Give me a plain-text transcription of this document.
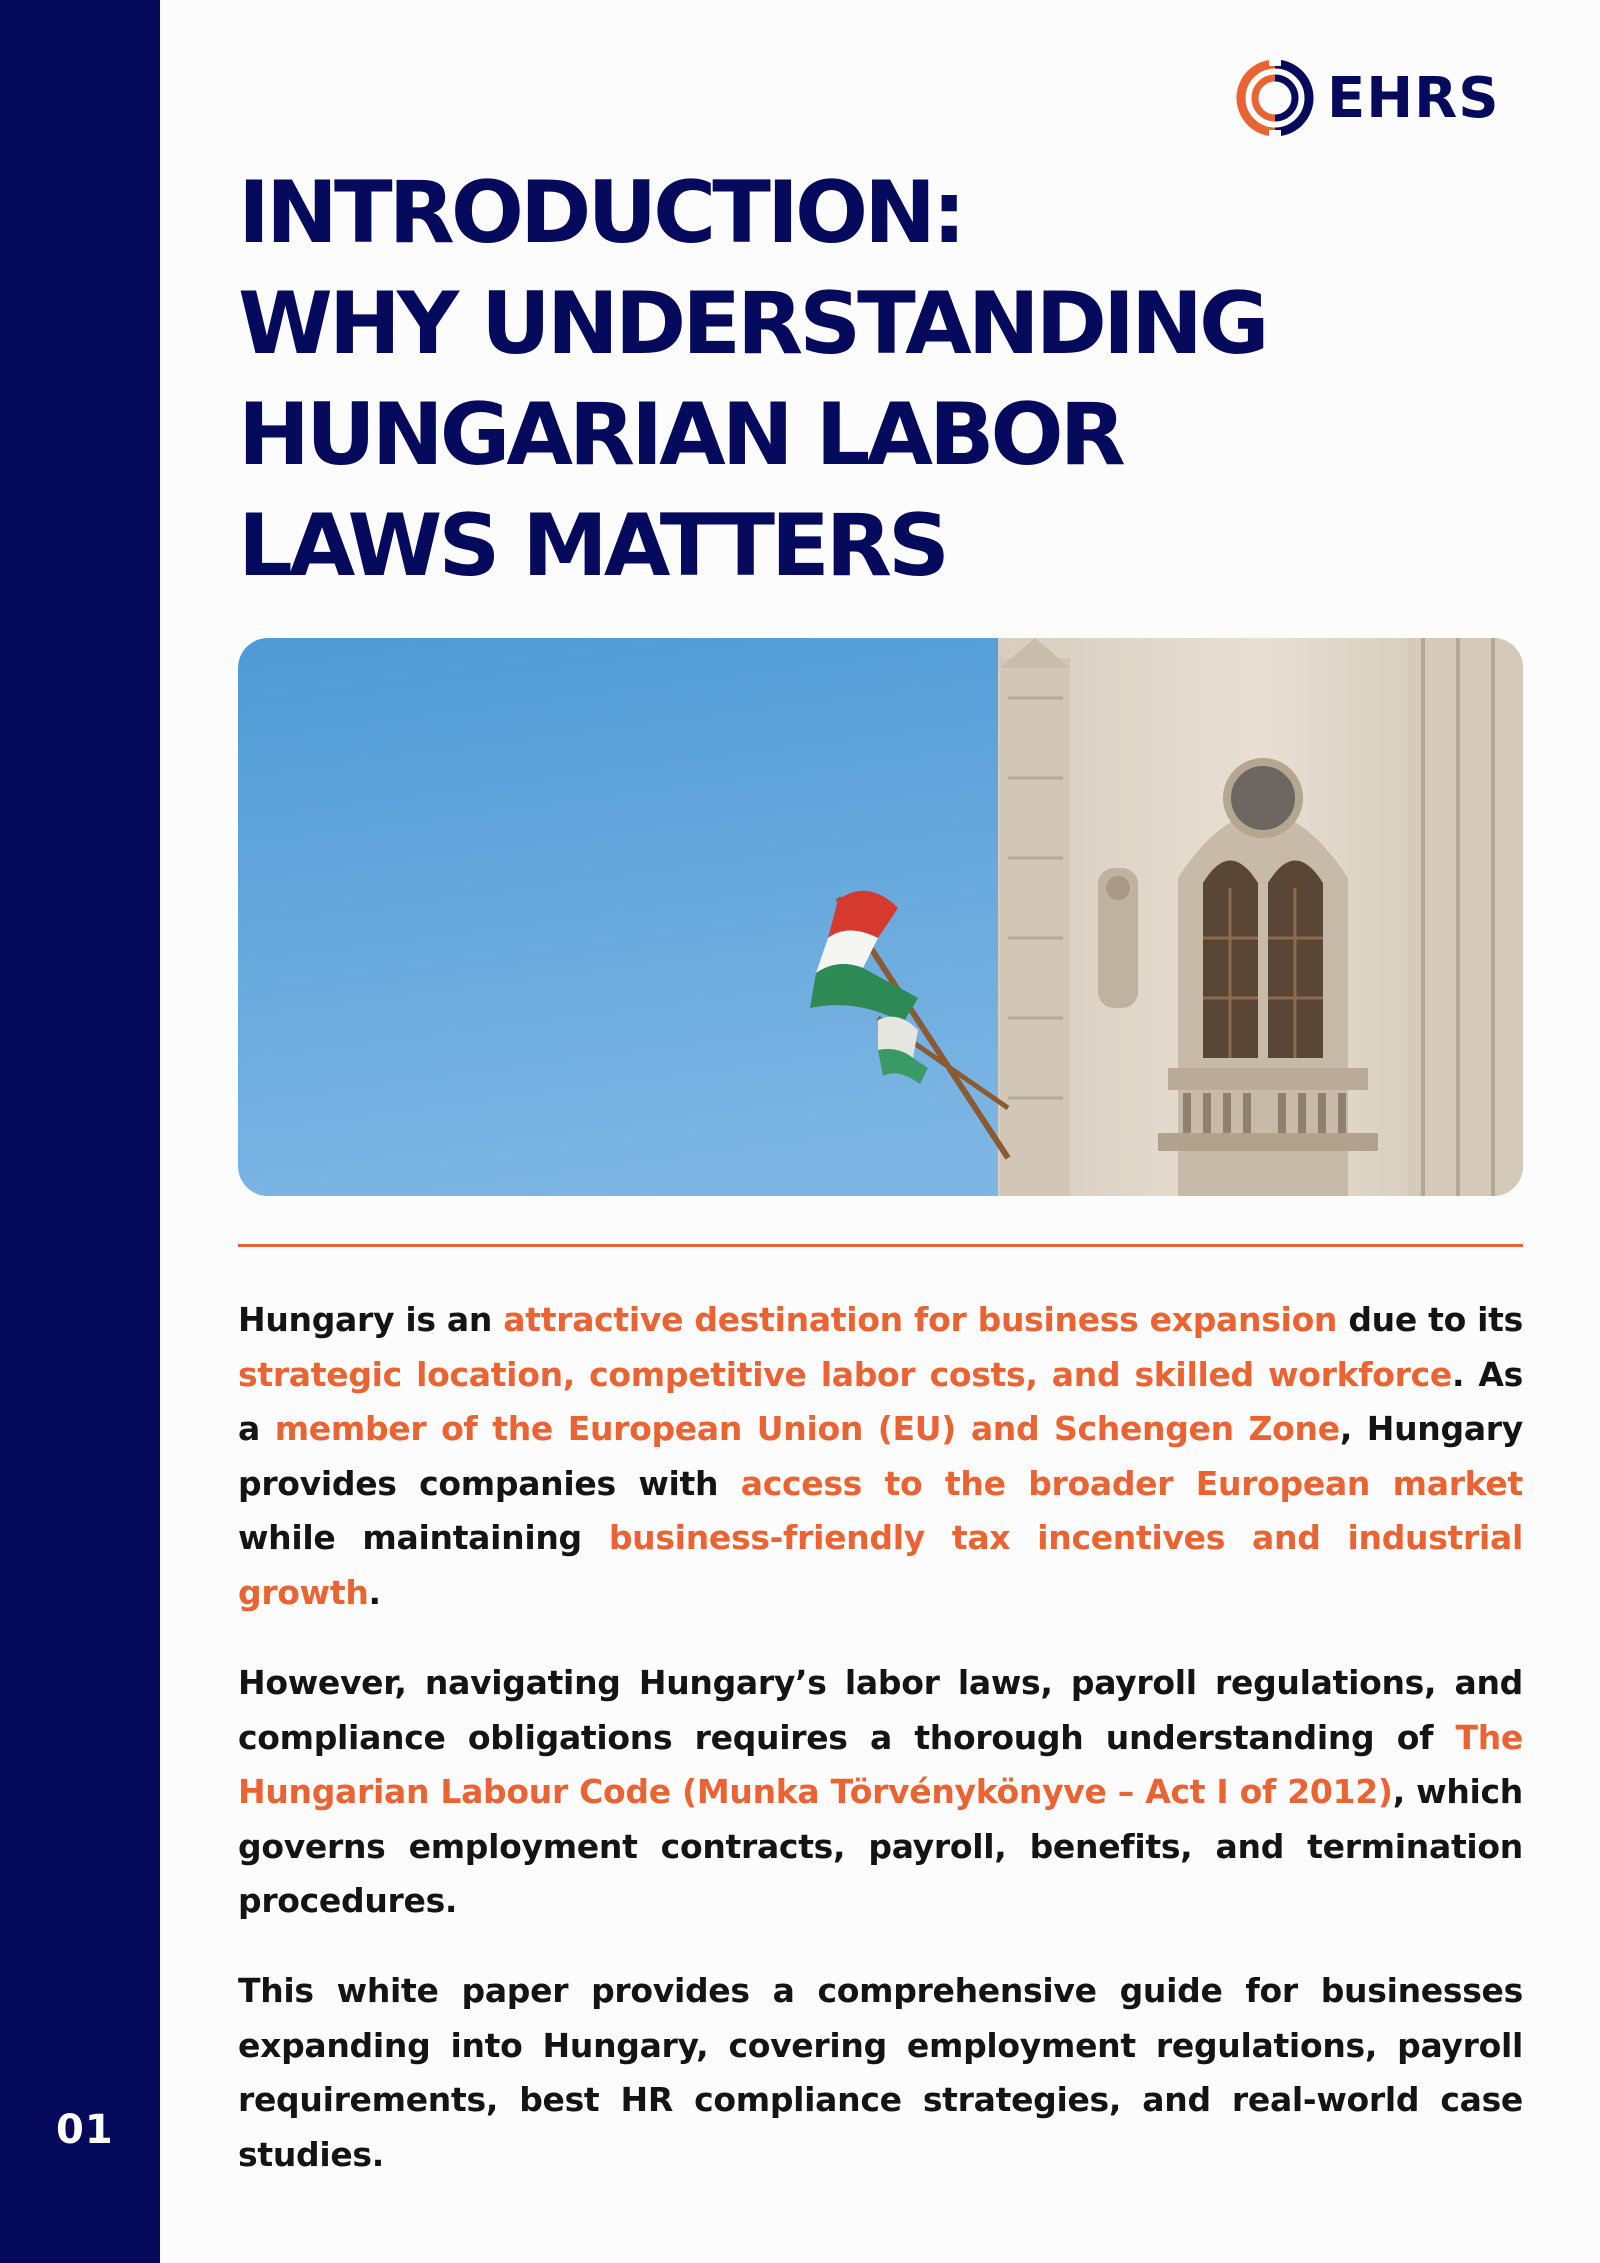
01
EHRS
INTRODUCTION:
WHY UNDERSTANDING
HUNGARIAN LABOR
LAWS MATTERS

Hungary is an attractive destination for business expansion due to its strategic location, competitive labor costs, and skilled workforce. As a member of the European Union (EU) and Schengen Zone, Hungary provides companies with access to the broader European market while maintaining business-friendly tax incentives and industrial growth.

However, navigating Hungary’s labor laws, payroll regulations, and compliance obligations requires a thorough understanding of The Hungarian Labour Code (Munka Törvénykönyve – Act I of 2012), which governs employment contracts, payroll, benefits, and termination procedures.

This white paper provides a comprehensive guide for businesses expanding into Hungary, covering employment regulations, payroll requirements, best HR compliance strategies, and real-world case studies.
